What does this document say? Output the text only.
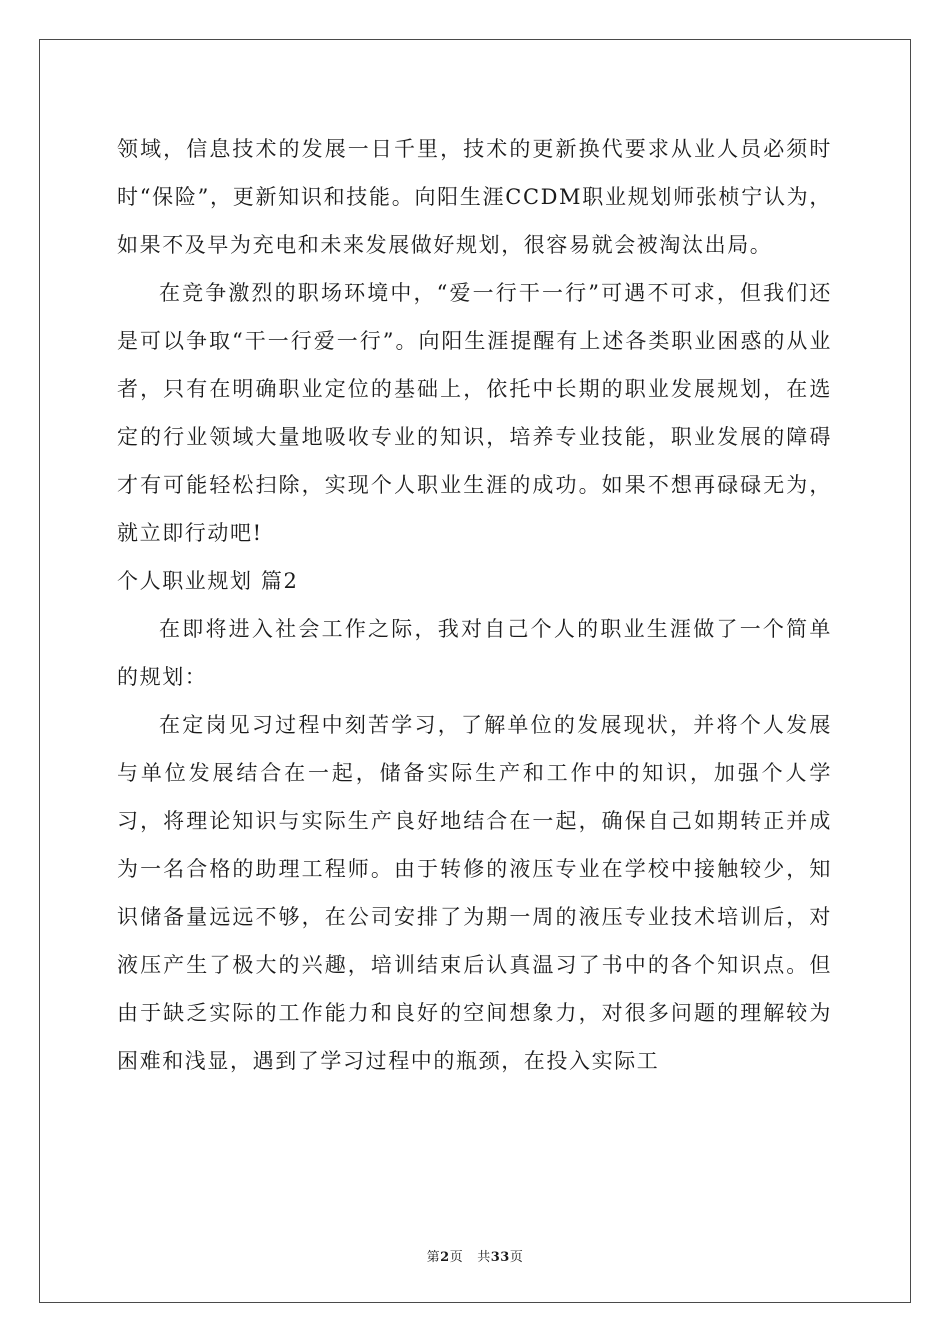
领域，信息技术的发展一日千里，技术的更新换代要求从业人员必须时时“保险”，更新知识和技能。向阳生涯CCDM职业规划师张桢宁认为，如果不及早为充电和未来发展做好规划，很容易就会被淘汰出局。

在竞争激烈的职场环境中，“爱一行干一行”可遇不可求，但我们还是可以争取“干一行爱一行”。向阳生涯提醒有上述各类职业困惑的从业者，只有在明确职业定位的基础上，依托中长期的职业发展规划，在选定的行业领域大量地吸收专业的知识，培养专业技能，职业发展的障碍才有可能轻松扫除，实现个人职业生涯的成功。如果不想再碌碌无为，就立即行动吧!

个人职业规划 篇2

在即将进入社会工作之际，我对自己个人的职业生涯做了一个简单的规划：

在定岗见习过程中刻苦学习，了解单位的发展现状，并将个人发展与单位发展结合在一起，储备实际生产和工作中的知识，加强个人学习，将理论知识与实际生产良好地结合在一起，确保自己如期转正并成为一名合格的助理工程师。由于转修的液压专业在学校中接触较少，知识储备量远远不够，在公司安排了为期一周的液压专业技术培训后，对液压产生了极大的兴趣，培训结束后认真温习了书中的各个知识点。但由于缺乏实际的工作能力和良好的空间想象力，对很多问题的理解较为困难和浅显，遇到了学习过程中的瓶颈，在投入实际工

第2页 共33页
